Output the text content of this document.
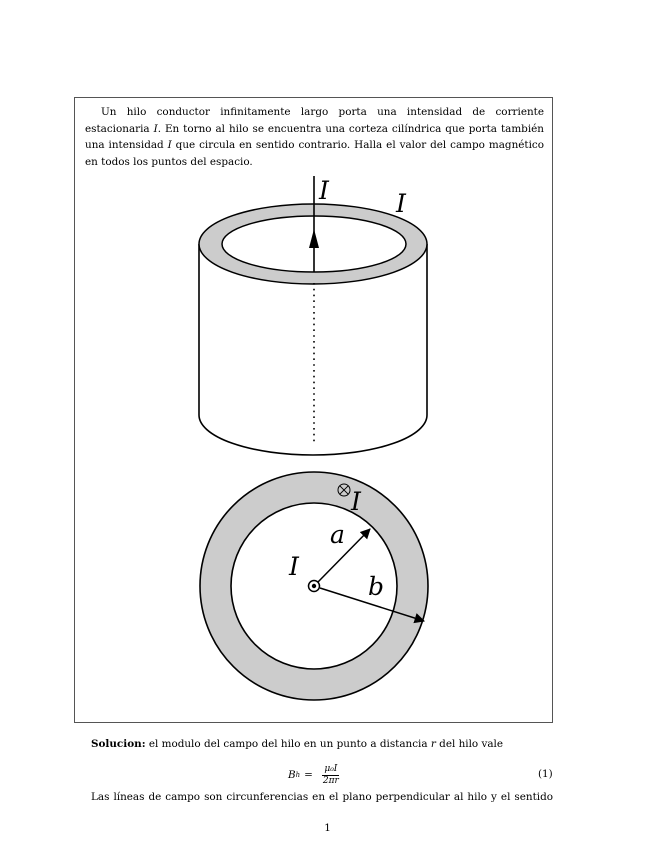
Un hilo conductor infinitamente largo porta una intensidad de corriente estacionaria I. En torno al hilo se encuentra una corteza cilíndrica que porta también una intensidad I que circula en sentido contrario. Halla el valor del campo magnético en todos los puntos del espacio.

I	I
I
I
a
b

Solucion: el modulo del campo del hilo en un punto a distancia r del hilo vale

B $h = \frac{\text{μ₀I}}{2\pi r}$	(1)

Las líneas de campo son circunferencias en el plano perpendicular al hilo y el sentido

1
